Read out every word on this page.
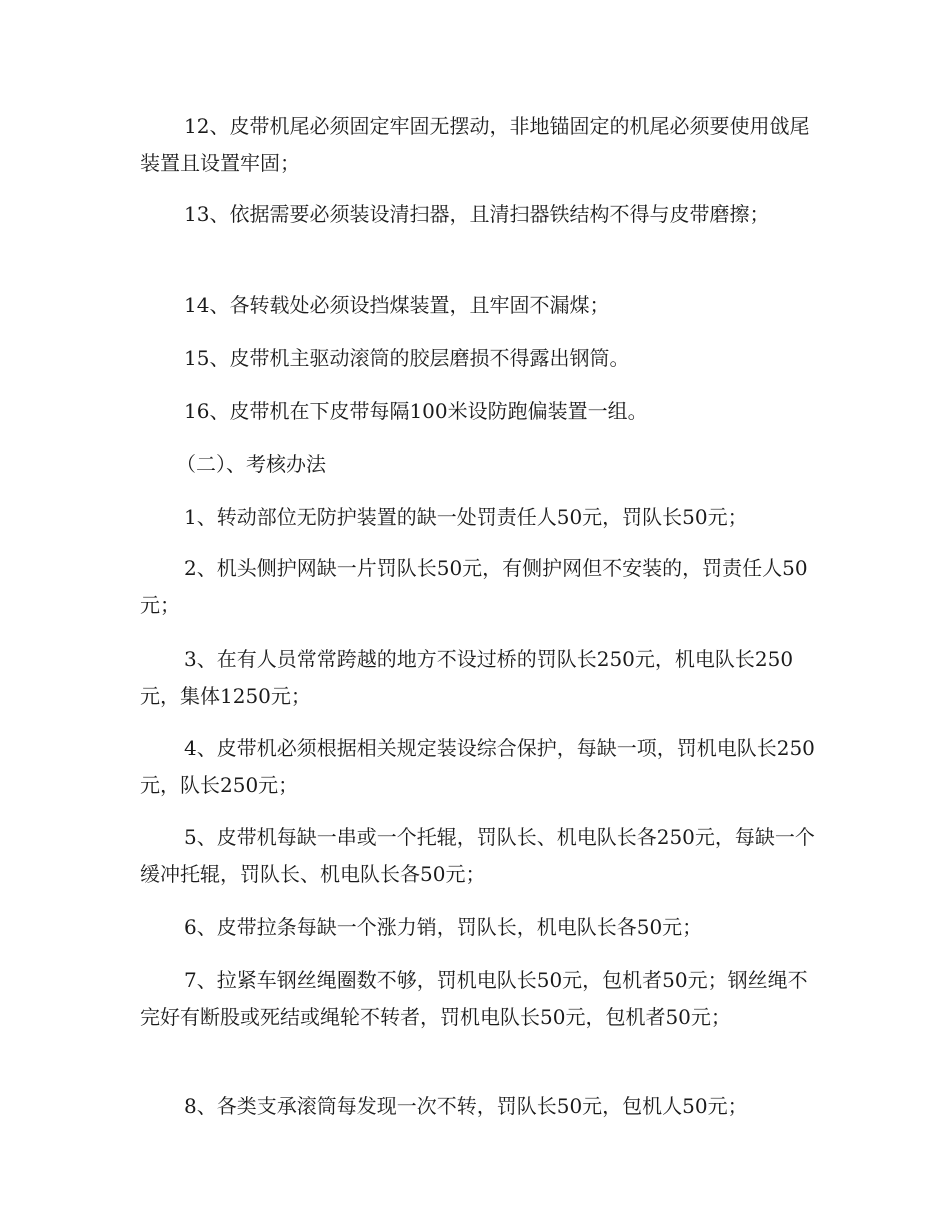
12、皮带机尾必须固定牢固无摆动，非地锚固定的机尾必须要使用戗尾装置且设置牢固；

13、依据需要必须装设清扫器，且清扫器铁结构不得与皮带磨擦；

14、各转载处必须设挡煤装置，且牢固不漏煤；

15、皮带机主驱动滚筒的胶层磨损不得露出钢筒。

16、皮带机在下皮带每隔100米设防跑偏装置一组。

（二）、考核办法

1、转动部位无防护装置的缺一处罚责任人50元，罚队长50元；

2、机头侧护网缺一片罚队长50元，有侧护网但不安装的，罚责任人50元；

3、在有人员常常跨越的地方不设过桥的罚队长250元，机电队长250元，集体1250元；

4、皮带机必须根据相关规定装设综合保护，每缺一项，罚机电队长250元，队长250元；

5、皮带机每缺一串或一个托辊，罚队长、机电队长各250元，每缺一个缓冲托辊，罚队长、机电队长各50元；

6、皮带拉条每缺一个涨力销，罚队长，机电队长各50元；

7、拉紧车钢丝绳圈数不够，罚机电队长50元，包机者50元；钢丝绳不完好有断股或死结或绳轮不转者，罚机电队长50元，包机者50元；

8、各类支承滚筒每发现一次不转，罚队长50元，包机人50元；
